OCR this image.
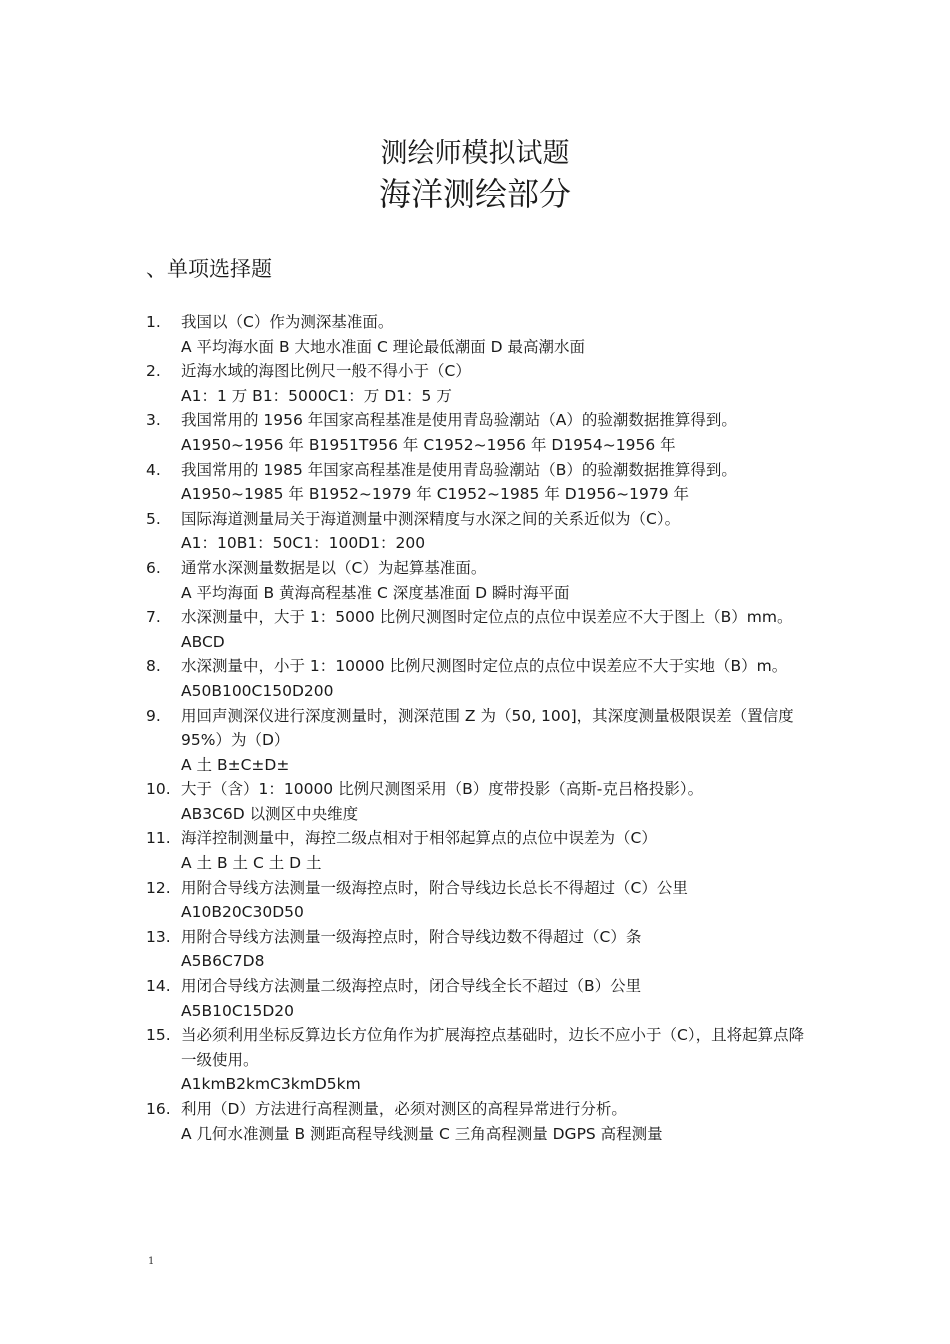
测绘师模拟试题
海洋测绘部分
、单项选择题
1.	我国以（C）作为测深基准面。
A 平均海水面 B 大地水准面 C 理论最低潮面 D 最高潮水面
2.	近海水域的海图比例尺一般不得小于（C）
A1：1 万 B1：5000C1：万 D1：5 万
3.	我国常用的 1956 年国家高程基准是使用青岛验潮站（A）的验潮数据推算得到。
A1950~1956 年 B1951T956 年 C1952~1956 年 D1954~1956 年
4.	我国常用的 1985 年国家高程基准是使用青岛验潮站（B）的验潮数据推算得到。
A1950~1985 年 B1952~1979 年 C1952~1985 年 D1956~1979 年
5.	国际海道测量局关于海道测量中测深精度与水深之间的关系近似为（C）。
A1：10B1：50C1：100D1：200
6.	通常水深测量数据是以（C）为起算基准面。
A 平均海面 B 黄海高程基准 C 深度基准面 D 瞬时海平面
7.	水深测量中，大于 1：5000 比例尺测图时定位点的点位中误差应不大于图上（B）mm。
ABCD
8.	水深测量中，小于 1：10000 比例尺测图时定位点的点位中误差应不大于实地（B）m。
A50B100C150D200
9.	用回声测深仪进行深度测量时，测深范围 Z 为（50, 100]，其深度测量极限误差（置信度 95%）为（D）
A 土 B±C±D±
10. 大于（含）1：10000 比例尺测图采用（B）度带投影（高斯-克吕格投影）。
AB3C6D 以测区中央维度
11. 海洋控制测量中，海控二级点相对于相邻起算点的点位中误差为（C）
A 土 B 土 C 土 D 土
12. 用附合导线方法测量一级海控点时，附合导线边长总长不得超过（C）公里
A10B20C30D50
13. 用附合导线方法测量一级海控点时，附合导线边数不得超过（C）条
A5B6C7D8
14. 用闭合导线方法测量二级海控点时，闭合导线全长不超过（B）公里
A5B10C15D20
15. 当必须利用坐标反算边长方位角作为扩展海控点基础时，边长不应小于（C），且将起算点降一级使用。
A1kmB2kmC3kmD5km
16. 利用（D）方法进行高程测量，必须对测区的高程异常进行分析。
A 几何水准测量 B 测距高程导线测量 C 三角高程测量 DGPS 高程测量
1
